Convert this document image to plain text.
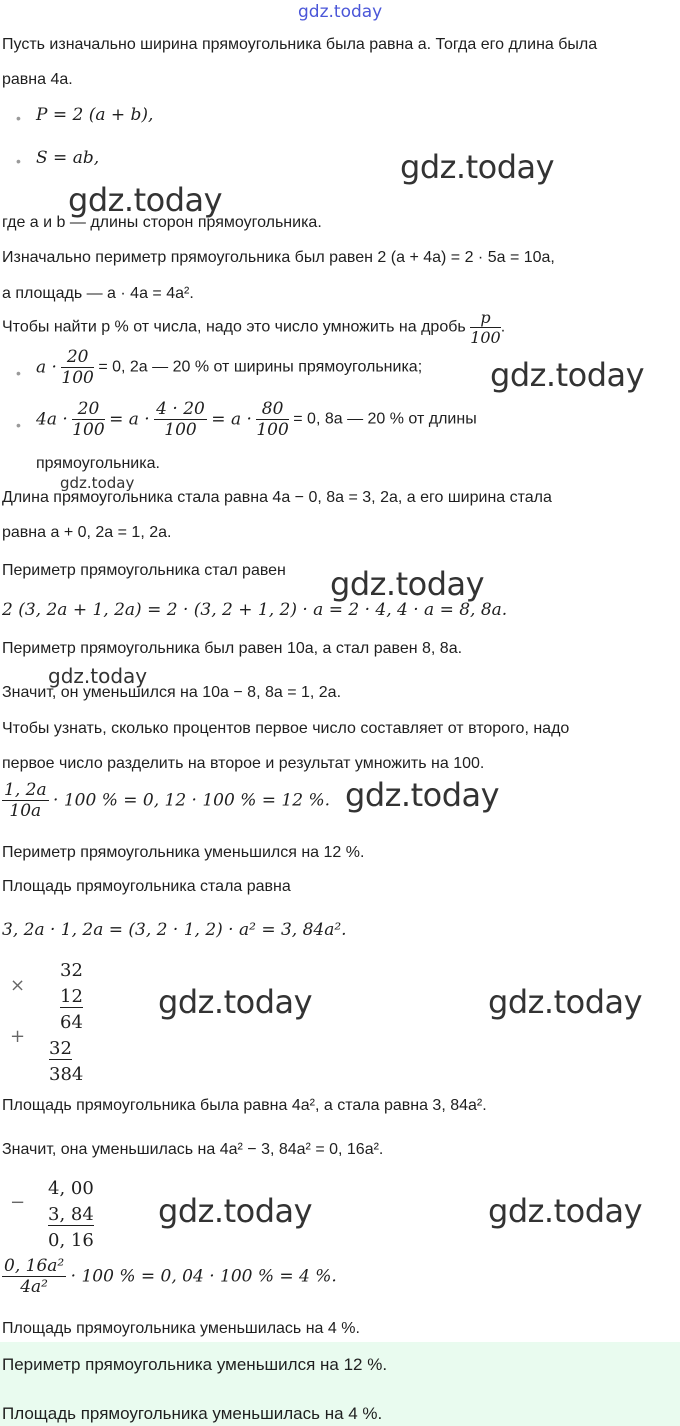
gdz.today
Пусть изначально ширина прямоугольника была равна a. Тогда его длина была
равна 4a.
• P = 2 (a + b),
• S = ab,
где a и b — длины сторон прямоугольника.
Изначально периметр прямоугольника был равен 2 (a + 4a) = 2 · 5a = 10a,
а площадь — a · 4a = 4a².
Чтобы найти p % от числа, надо это число умножить на дробь $\frac{p}{100}$ .
• $a \cdot \frac{20}{100} = 0$, 2a — 20 % от ширины прямоугольника;
• $4a \cdot \frac{20}{100} = a \cdot \frac{4 \cdot 20}{100} = a \cdot \frac{80}{100} = 0$, 8a — 20 % от длины
прямоугольника.
Длина прямоугольника стала равна 4a − 0, 8a = 3, 2a, а его ширина стала
равна a + 0, 2a = 1, 2a.
Периметр прямоугольника стал равен
2 (3, 2a + 1, 2a) = 2 · (3, 2 + 1, 2) · a = 2 · 4, 4 · a = 8, 8a.
Периметр прямоугольника был равен 10a, а стал равен 8, 8a.
Значит, он уменьшился на 10a − 8, 8a = 1, 2a.
Чтобы узнать, сколько процентов первое число составляет от второго, надо
первое число разделить на второе и результат умножить на 100.
$\frac{1, 2a}{10a} \cdot 100$ % = 0, 12 · 100 % = 12 %.
Периметр прямоугольника уменьшился на 12 %.
Площадь прямоугольника стала равна
3, 2a · 1, 2a = (3, 2 · 1, 2) · a² = 3, 84a².
×
32
12
64
+
32
384
Площадь прямоугольника была равна 4a², а стала равна 3, 84a².
Значит, она уменьшилась на 4a² − 3, 84a² = 0, 16a².
−
4, 00
3, 84
0, 16
$\frac{\text{0, 16a²}}{\text{4a²}} \cdot 100$ % = 0, 04 · 100 % = 4 %.
Площадь прямоугольника уменьшилась на 4 %.
Периметр прямоугольника уменьшился на 12 %.
Площадь прямоугольника уменьшилась на 4 %.
gdz.today
gdz.today
gdz.today
gdz.today
gdz.today
gdz.today
gdz.today
gdz.today	gdz.today
gdz.today	gdz.today
